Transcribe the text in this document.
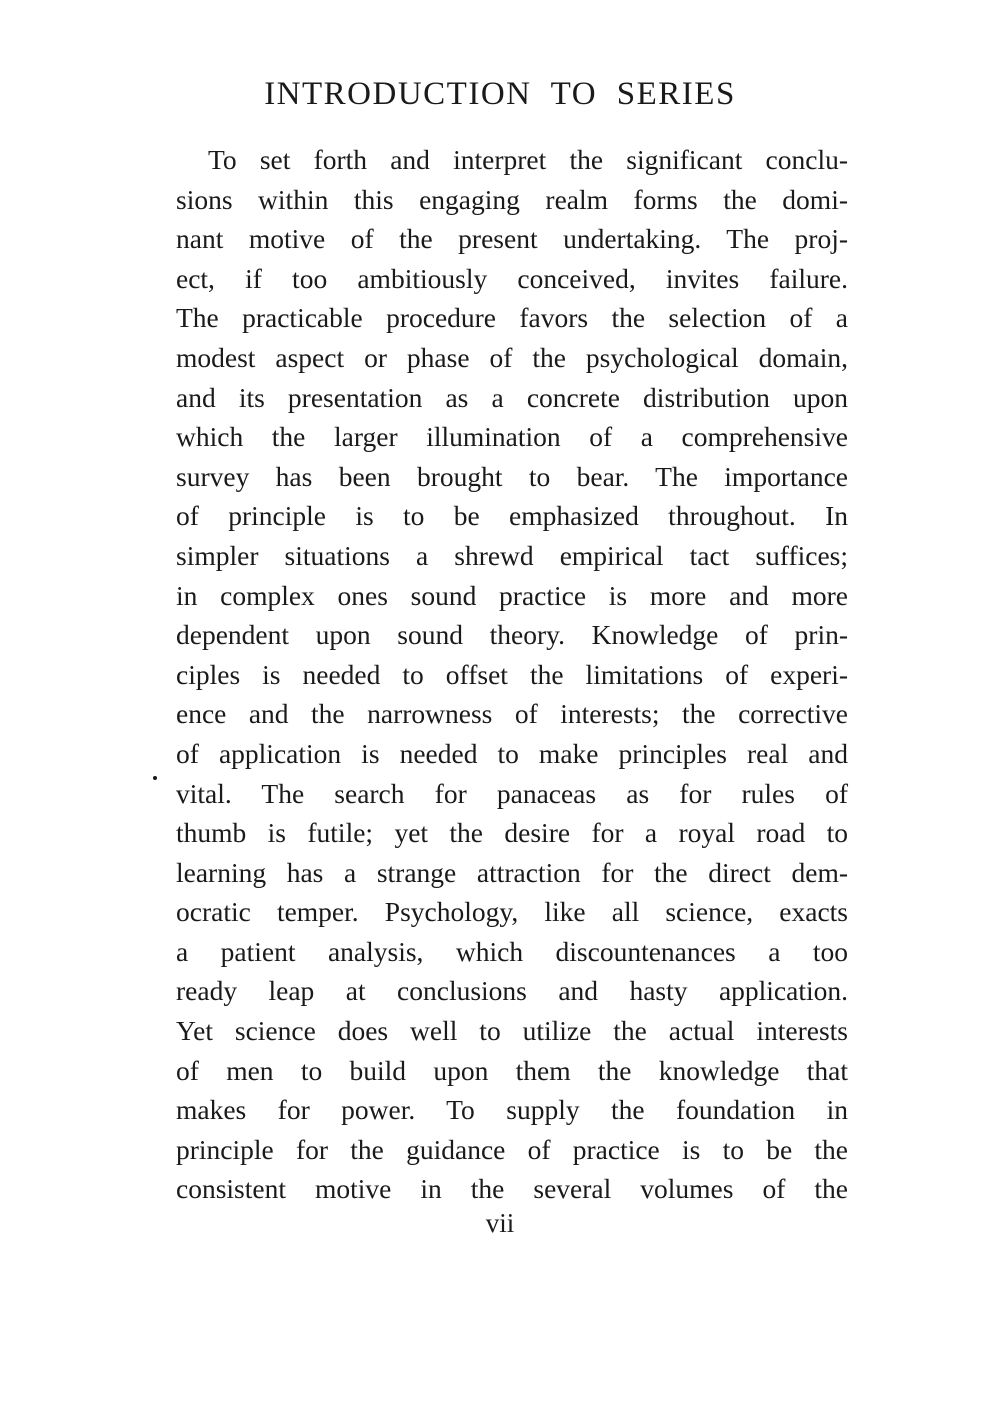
INTRODUCTION TO SERIES
To set forth and interpret the significant conclu-
sions within this engaging realm forms the domi-
nant motive of the present undertaking. The proj-
ect, if too ambitiously conceived, invites failure.
The practicable procedure favors the selection of a
modest aspect or phase of the psychological domain,
and its presentation as a concrete distribution upon
which the larger illumination of a comprehensive
survey has been brought to bear. The importance
of principle is to be emphasized throughout. In
simpler situations a shrewd empirical tact suffices;
in complex ones sound practice is more and more
dependent upon sound theory. Knowledge of prin-
ciples is needed to offset the limitations of experi-
ence and the narrowness of interests; the corrective
of application is needed to make principles real and
vital. The search for panaceas as for rules of
thumb is futile; yet the desire for a royal road to
learning has a strange attraction for the direct dem-
ocratic temper. Psychology, like all science, exacts
a patient analysis, which discountenances a too
ready leap at conclusions and hasty application.
Yet science does well to utilize the actual interests
of men to build upon them the knowledge that
makes for power. To supply the foundation in
principle for the guidance of practice is to be the
consistent motive in the several volumes of the
vii
